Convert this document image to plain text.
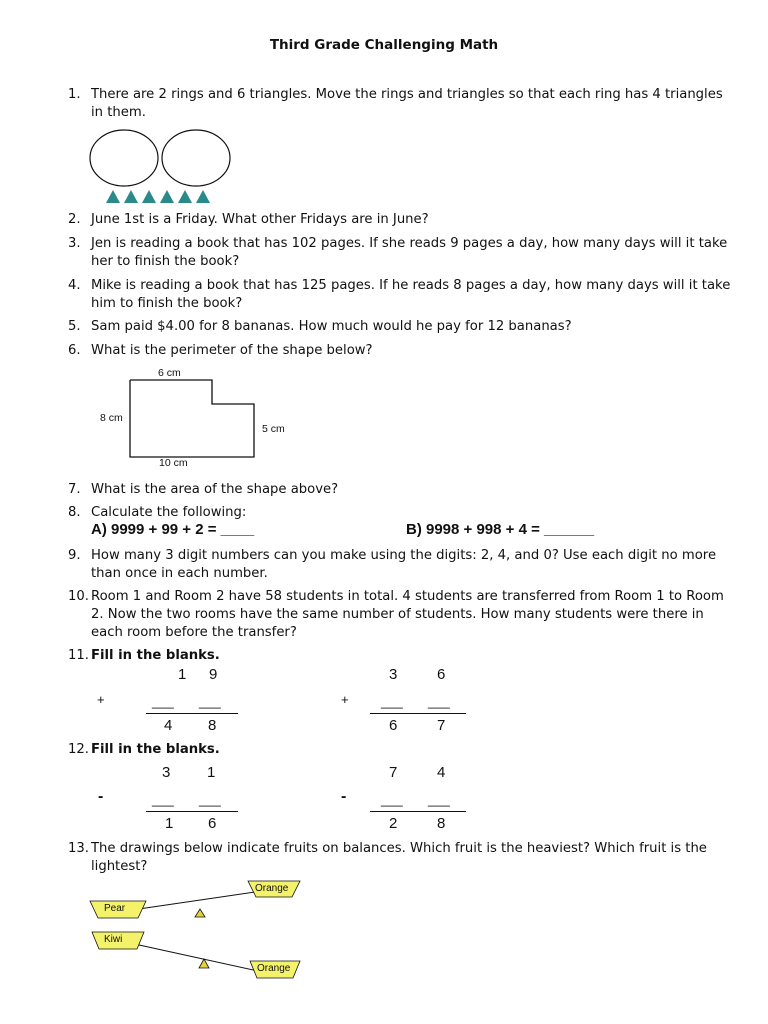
Third Grade Challenging Math
1. There are 2 rings and 6 triangles. Move the rings and triangles so that each ring has 4 triangles in them.
2. June 1st is a Friday. What other Fridays are in June?
3. Jen is reading a book that has 102 pages. If she reads 9 pages a day, how many days will it take her to finish the book?
4. Mike is reading a book that has 125 pages. If he reads 8 pages a day, how many days will it take him to finish the book?
5. Sam paid $4.00 for 8 bananas. How much would he pay for 12 bananas?
6. What is the perimeter of the shape below?
6 cm
8 cm
5 cm
10 cm
7. What is the area of the shape above?
8. Calculate the following:
A) 9999 + 99 + 2 = ____	B) 9998 + 998 + 4 = ______
9. How many 3 digit numbers can you make using the digits: 2, 4, and 0? Use each digit no more than once in each number.
10. Room 1 and Room 2 have 58 students in total. 4 students are transferred from Room 1 to Room 2. Now the two rooms have the same number of students. How many students were there in each room before the transfer?
11. Fill in the blanks.
1 9
+	___ ___
4 8
3	6
+ ___ ___
6	7
12. Fill in the blanks.
3 1
-	___ ___
1 6
7	4
-	___ ___
2	8
13. The drawings below indicate fruits on balances. Which fruit is the heaviest? Which fruit is the lightest?
Pear
Orange
Kiwi
Orange
